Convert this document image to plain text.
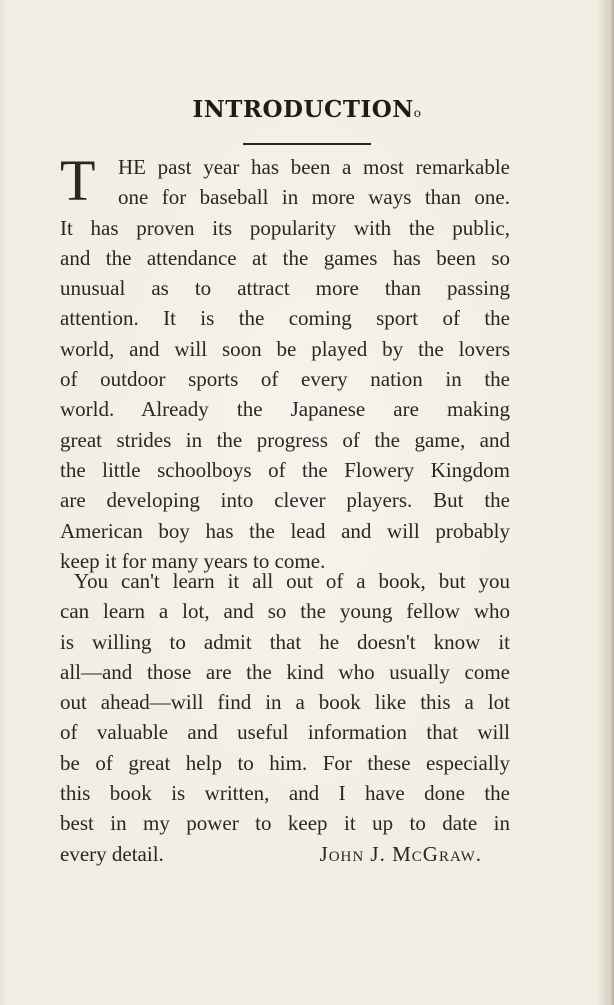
INTRODUCTIONo
T	HE past year has been a most remarkable
one for baseball in more ways than one.
It has proven its popularity with the public,
and the attendance at the games has been so
unusual as to attract more than passing
attention. It is the coming sport of the
world, and will soon be played by the lovers
of outdoor sports of every nation in the
world. Already the Japanese are making
great strides in the progress of the game, and
the little schoolboys of the Flowery Kingdom
are developing into clever players. But the
American boy has the lead and will probably
keep it for many years to come.
You can't learn it all out of a book, but you
can learn a lot, and so the young fellow who
is willing to admit that he doesn't know it
all—and those are the kind who usually come
out ahead—will find in a book like this a lot
of valuable and useful information that will
be of great help to him. For these especially
this book is written, and I have done the
best in my power to keep it up to date in
every detail.	John J. McGraw.
